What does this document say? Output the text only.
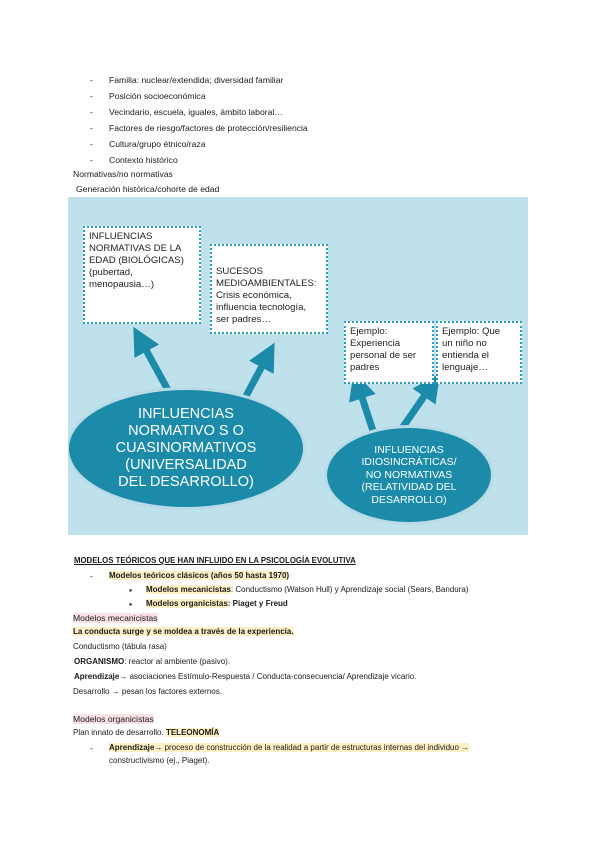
- Familia: nuclear/extendida; diversidad familiar
- Posición socioeconómica
- Vecindario, escuela, iguales, ámbito laboral…
- Factores de riesgo/factores de protección/resiliencia
- Cultura/grupo étnico/raza
- Contexto histórico
Normativas/no normativas
Generación histórica/cohorte de edad
INFLUENCIAS
NORMATIVAS DE LA
EDAD (BIOLÓGICAS)
(pubertad,
menopausia…)
SUCESOS
MEDIOAMBIENTALES:
Crisis económica,
influencia tecnología,
ser padres…
Ejemplo:
Experiencia
personal de ser
padres
Ejemplo: Que
un niño no
entienda el
lenguaje…
INFLUENCIAS
NORMATIVO S O
CUASINORMATIVOS
(UNIVERSALIDAD
DEL DESARROLLO)
INFLUENCIAS
IDIOSINCRÁTICAS/
NO NORMATIVAS
(RELATIVIDAD DEL
DESARROLLO)
MODELOS TEÓRICOS QUE HAN INFLUIDO EN LA PSICOLOGÍA EVOLUTIVA
- Modelos teóricos clásicos (años 50 hasta 1970)
▪ Modelos mecanicistas: Conductismo (Watson Hull) y Aprendizaje social (Sears, Bandura)
▪ Modelos organicistas: Piaget y Freud
Modelos mecanicistas
La conducta surge y se moldea a través de la experiencia.
Conductismo (tábula rasa)
ORGANISMO: reactor al ambiente (pasivo).
Aprendizaje→ asociaciones Estímulo-Respuesta / Conducta-consecuencia/ Aprendizaje vicario.
Desarrollo → pesan los factores externos.
Modelos organicistas
Plan innato de desarrollo. TELEONOMÍA
- Aprendizaje→ proceso de construcción de la realidad a partir de estructuras internas del individuo →
constructivismo (ej., Piaget).
